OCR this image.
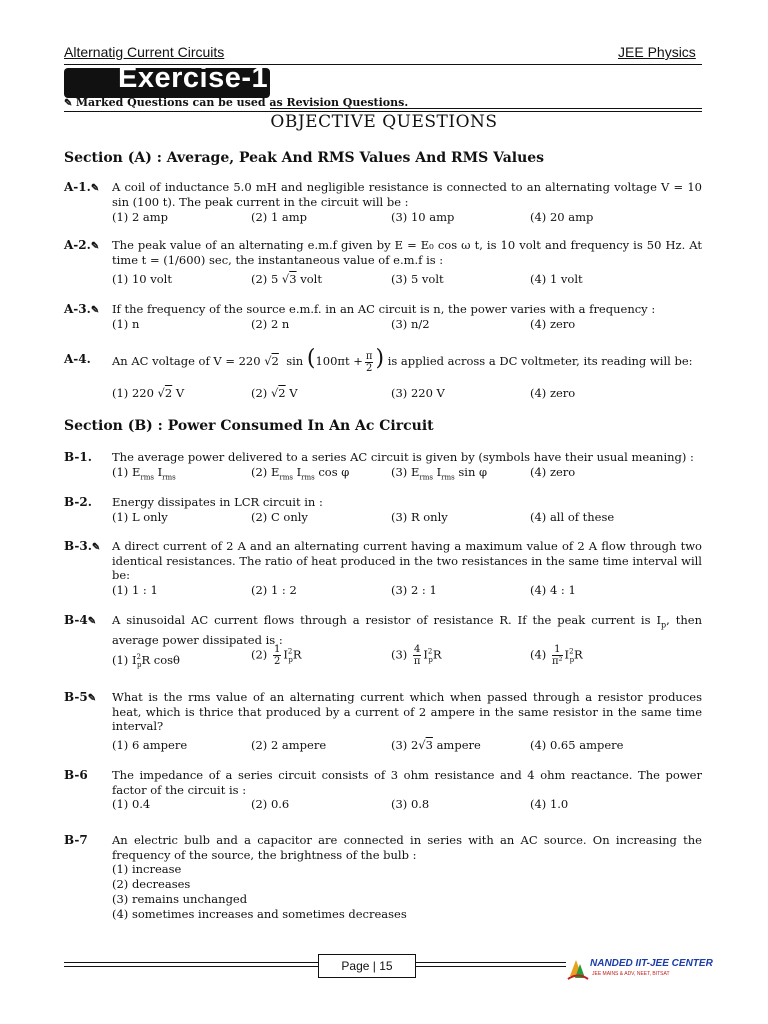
Alternatig Current Circuits	JEE Physics
Exercise-1
✎ Marked Questions can be used as Revision Questions.
OBJECTIVE QUESTIONS
Section (A) : Average, Peak And RMS Values And RMS Values
A-1.✎ A coil of inductance 5.0 mH and negligible resistance is connected to an alternating voltage V = 10 sin (100 t). The peak current in the circuit will be :
(1) 2 amp	(2) 1 amp	(3) 10 amp	(4) 20 amp
A-2.✎ The peak value of an alternating e.m.f given by E = E₀ cos ω t, is 10 volt and frequency is 50 Hz. At time t = (1/600) sec, the instantaneous value of e.m.f is :
(1) 10 volt	(2) 5 √3 volt	(3) 5 volt	(4) 1 volt
A-3.✎ If the frequency of the source e.m.f. in an AC circuit is n, the power varies with a frequency :
(1) n	(2) 2 n	(3) n/2	(4) zero
A-4. An AC voltage of V = 220 √2 $\sin (100\pi t + \frac{\pi}{2}$ ) is applied across a DC voltmeter, its reading will be:
(1) 220 √2 V	(2) √2 V	(3) 220 V	(4) zero
Section (B) : Power Consumed In An Ac Circuit
B-1. The average power delivered to a series AC circuit is given by (symbols have their usual meaning) :
(1) $E_{rms}$ $I_{rms}$	(2) $E_{rms}$ $I_{rms}$ cos φ	(3) $E_{rms}$ $I_{rms}$ sin φ	(4) zero
B-2. Energy dissipates in LCR circuit in :
(1) L only	(2) C only	(3) R only	(4) all of these
B-3.✎ A direct current of 2 A and an alternating current having a maximum value of 2 A flow through two identical resistances. The ratio of heat produced in the two resistances in the same time interval will be:
(1) 1 : 1	(2) 1 : 2	(3) 2 : 1	(4) 4 : 1
B-4✎ A sinusoidal AC current flows through a resistor of resistance R. If the peak current is $I_p$, then average power dissipated is :
(1) $I^2_pR$ cosθ	$(2) \frac{1}{2} I^2_pR$	$(3) \frac{4}{\pi} I^2_pR$	$(4) \frac{1}{\text{π²}} I^2_pR$
B-5✎ What is the rms value of an alternating current which when passed through a resistor produces heat, which is thrice that produced by a current of 2 ampere in the same resistor in the same time interval?
(1) 6 ampere	(2) 2 ampere	(3) 2√3 ampere	(4) 0.65 ampere
B-6 The impedance of a series circuit consists of 3 ohm resistance and 4 ohm reactance. The power factor of the circuit is :
(1) 0.4	(2) 0.6	(3) 0.8	(4) 1.0
B-7 An electric bulb and a capacitor are connected in series with an AC source. On increasing the frequency of the source, the brightness of the bulb :
(1) increase
(2) decreases
(3) remains unchanged
(4) sometimes increases and sometimes decreases
Page | 15	NANDED IIT-JEE CENTER
JEE MAINS & ADV, NEET, BITSAT
